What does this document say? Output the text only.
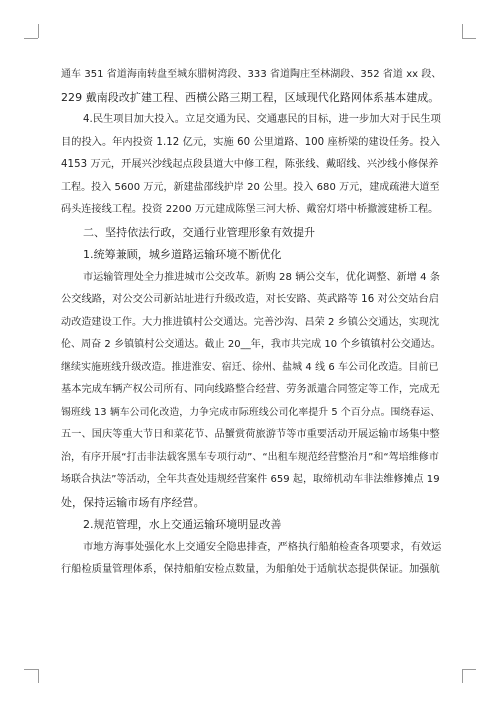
通车 351 省道海南转盘至城东腊树湾段、333 省道陶庄至林湖段、352 省道 xx 段、
229 戴南段改扩建工程、西横公路三期工程，区域现代化路网体系基本建成。
4.民生项目加大投入。立足交通为民、交通惠民的目标，进一步加大对于民生项
目的投入。年内投资 1.12 亿元，实施 60 公里道路、100 座桥梁的建设任务。投入
4153 万元，开展兴沙线起点段县道大中修工程，陈张线、戴昭线、兴沙线小修保养
工程。投入 5600 万元，新建盐邵线护岸 20 公里。投入 680 万元，建成疏港大道至
码头连接线工程。投资 2200 万元建成陈堡三河大桥、戴窑灯塔中桥撤渡建桥工程。
二、坚持依法行政，交通行业管理形象有效提升
1.统筹兼顾，城乡道路运输环境不断优化
市运输管理处全力推进城市公交改革。新购 28 辆公交车，优化调整、新增 4 条
公交线路，对公交公司新站址进行升级改造，对长安路、英武路等 16 对公交站台启
动改造建设工作。大力推进镇村公交通达。完善沙沟、昌荣 2 乡镇公交通达，实现沈
伦、周奋 2 乡镇镇村公交通达。截止 20__年，我市共完成 10 个乡镇镇村公交通达。
继续实施班线升级改造。推进淮安、宿迁、徐州、盐城 4 线 6 车公司化改造。目前已
基本完成车辆产权公司所有、同向线路整合经营、劳务派遣合同签定等工作，完成无
锡班线 13 辆车公司化改造，力争完成市际班线公司化率提升 5 个百分点。围绕春运、
五一、国庆等重大节日和菜花节、品蟹赏荷旅游节等市重要活动开展运输市场集中整
治，有序开展“打击非法载客黑车专项行动”、“出租车规范经营整治月”和“驾培维修市
场联合执法”等活动，全年共查处违规经营案件 659 起，取缔机动车非法维修摊点 19
处，保持运输市场有序经营。
2.规范管理，水上交通运输环境明显改善
市地方海事处强化水上交通安全隐患排查，严格执行船舶检查各项要求，有效运
行船检质量管理体系，保持船舶安检点数量，为船舶处于适航状态提供保证。加强航
